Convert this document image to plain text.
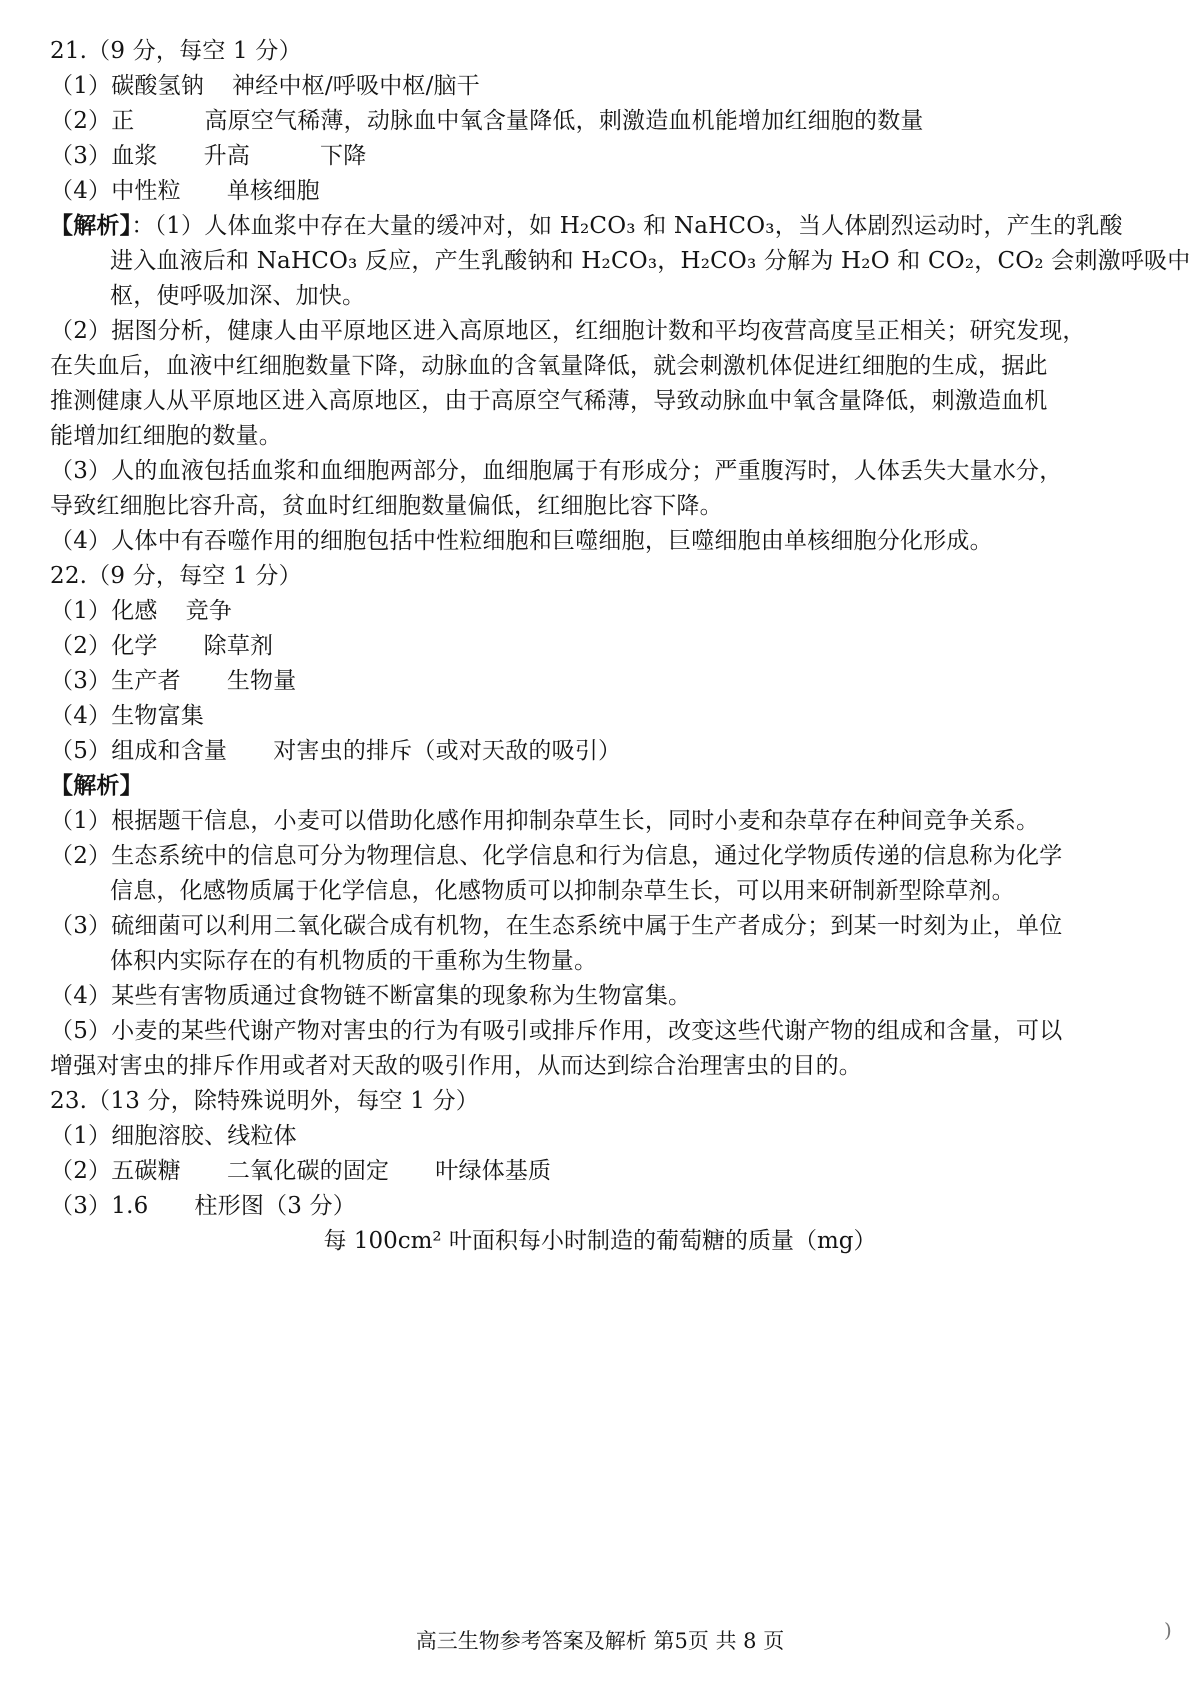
21.（9 分，每空 1 分）
（1）碳酸氢钠 神经中枢/呼吸中枢/脑干
（2）正	高原空气稀薄，动脉血中氧含量降低，刺激造血机能增加红细胞的数量
（3）血浆 升高	下降
（4）中性粒 单核细胞
【解析】：（1）人体血浆中存在大量的缓冲对，如 H₂CO₃ 和 NaHCO₃，当人体剧烈运动时，产生的乳酸
进入血液后和 NaHCO₃ 反应，产生乳酸钠和 H₂CO₃，H₂CO₃ 分解为 H₂O 和 CO₂，CO₂ 会刺激呼吸中
枢，使呼吸加深、加快。
（2）据图分析，健康人由平原地区进入高原地区，红细胞计数和平均夜营高度呈正相关；研究发现，
在失血后，血液中红细胞数量下降，动脉血的含氧量降低，就会刺激机体促进红细胞的生成，据此
推测健康人从平原地区进入高原地区，由于高原空气稀薄，导致动脉血中氧含量降低，刺激造血机
能增加红细胞的数量。
（3）人的血液包括血浆和血细胞两部分，血细胞属于有形成分；严重腹泻时，人体丢失大量水分，
导致红细胞比容升高，贫血时红细胞数量偏低，红细胞比容下降。
（4）人体中有吞噬作用的细胞包括中性粒细胞和巨噬细胞，巨噬细胞由单核细胞分化形成。
22.（9 分，每空 1 分）
（1）化感 竞争
（2）化学 除草剂
（3）生产者 生物量
（4）生物富集
（5）组成和含量 对害虫的排斥（或对天敌的吸引）
【解析】
（1）根据题干信息，小麦可以借助化感作用抑制杂草生长，同时小麦和杂草存在种间竞争关系。
（2）生态系统中的信息可分为物理信息、化学信息和行为信息，通过化学物质传递的信息称为化学
信息，化感物质属于化学信息，化感物质可以抑制杂草生长，可以用来研制新型除草剂。
（3）硫细菌可以利用二氧化碳合成有机物，在生态系统中属于生产者成分；到某一时刻为止，单位
体积内实际存在的有机物质的干重称为生物量。
（4）某些有害物质通过食物链不断富集的现象称为生物富集。
（5）小麦的某些代谢产物对害虫的行为有吸引或排斥作用，改变这些代谢产物的组成和含量，可以
增强对害虫的排斥作用或者对天敌的吸引作用，从而达到综合治理害虫的目的。
23.（13 分，除特殊说明外，每空 1 分）
（1）细胞溶胶、线粒体
（2）五碳糖 二氧化碳的固定 叶绿体基质
（3）1.6 柱形图（3 分）
每 100cm² 叶面积每小时制造的葡萄糖的质量（mg）
高三生物参考答案及解析 第5页 共 8 页	)
